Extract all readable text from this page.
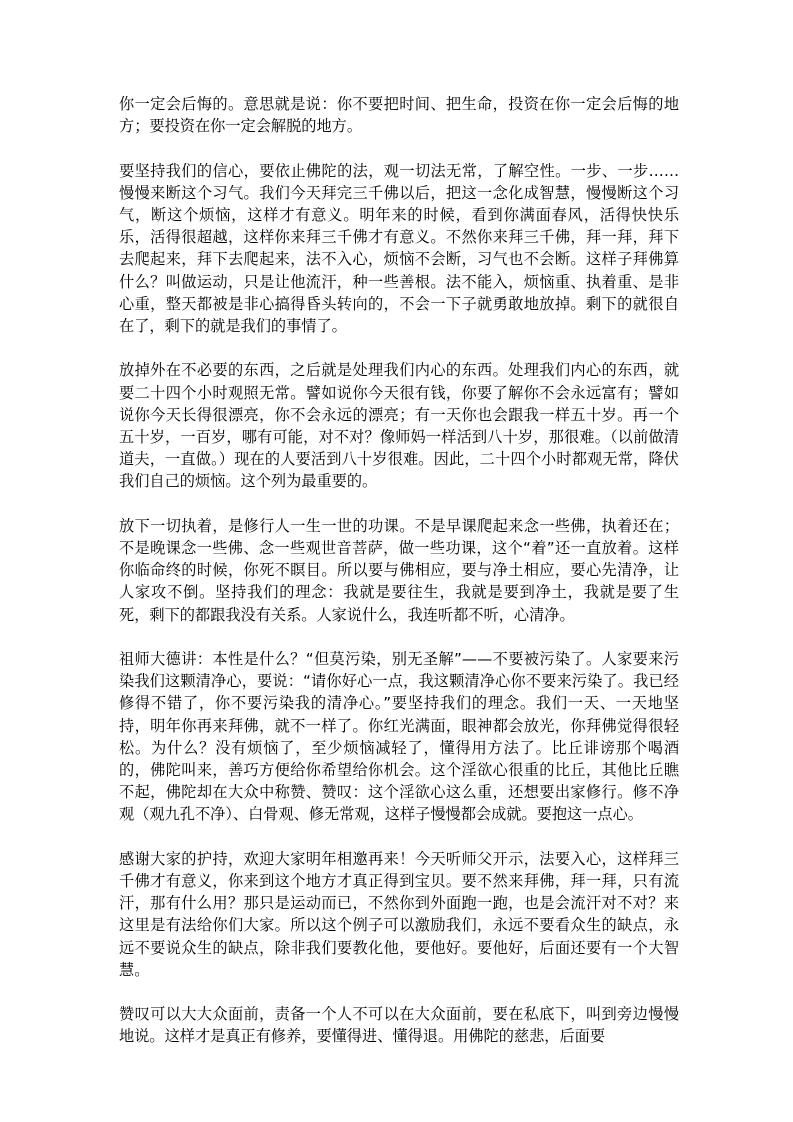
你一定会后悔的。意思就是说：你不要把时间、把生命，投资在你一定会后悔的地方；要投资在你一定会解脱的地方。

要坚持我们的信心，要依止佛陀的法，观一切法无常，了解空性。一步、一步……慢慢来断这个习气。我们今天拜完三千佛以后，把这一念化成智慧，慢慢断这个习气，断这个烦恼，这样才有意义。明年来的时候，看到你满面春风，活得快快乐乐，活得很超越，这样你来拜三千佛才有意义。不然你来拜三千佛，拜一拜，拜下去爬起来，拜下去爬起来，法不入心，烦恼不会断，习气也不会断。这样子拜佛算什么？叫做运动，只是让他流汗，种一些善根。法不能入，烦恼重、执着重、是非心重，整天都被是非心搞得昏头转向的，不会一下子就勇敢地放掉。剩下的就很自在了，剩下的就是我们的事情了。

放掉外在不必要的东西，之后就是处理我们内心的东西。处理我们内心的东西，就要二十四个小时观照无常。譬如说你今天很有钱，你要了解你不会永远富有；譬如说你今天长得很漂亮，你不会永远的漂亮；有一天你也会跟我一样五十岁。再一个五十岁，一百岁，哪有可能，对不对？像师妈一样活到八十岁，那很难。（以前做清道夫，一直做。）现在的人要活到八十岁很难。因此，二十四个小时都观无常，降伏我们自己的烦恼。这个列为最重要的。

放下一切执着，是修行人一生一世的功课。不是早课爬起来念一些佛，执着还在；不是晚课念一些佛、念一些观世音菩萨，做一些功课，这个“着”还一直放着。这样你临命终的时候，你死不瞑目。所以要与佛相应，要与净土相应，要心先清净，让人家攻不倒。坚持我们的理念：我就是要往生，我就是要到净土，我就是要了生死，剩下的都跟我没有关系。人家说什么，我连听都不听，心清净。

祖师大德讲：本性是什么？“但莫污染，别无圣解”——不要被污染了。人家要来污染我们这颗清净心，要说：“请你好心一点，我这颗清净心你不要来污染了。我已经修得不错了，你不要污染我的清净心。”要坚持我们的理念。我们一天、一天地坚持，明年你再来拜佛，就不一样了。你红光满面，眼神都会放光，你拜佛觉得很轻松。为什么？没有烦恼了，至少烦恼减轻了，懂得用方法了。比丘诽谤那个喝酒的，佛陀叫来，善巧方便给你希望给你机会。这个淫欲心很重的比丘，其他比丘瞧不起，佛陀却在大众中称赞、赞叹：这个淫欲心这么重，还想要出家修行。修不净观（观九孔不净）、白骨观、修无常观，这样子慢慢都会成就。要抱这一点心。

感谢大家的护持，欢迎大家明年相邀再来！今天听师父开示，法要入心，这样拜三千佛才有意义，你来到这个地方才真正得到宝贝。要不然来拜佛，拜一拜，只有流汗，那有什么用？那只是运动而已，不然你到外面跑一跑，也是会流汗对不对？来这里是有法给你们大家。所以这个例子可以激励我们，永远不要看众生的缺点，永远不要说众生的缺点，除非我们要教化他，要他好。要他好，后面还要有一个大智慧。

赞叹可以大大众面前，责备一个人不可以在大众面前，要在私底下，叫到旁边慢慢地说。这样才是真正有修养，要懂得进、懂得退。用佛陀的慈悲，后面要
